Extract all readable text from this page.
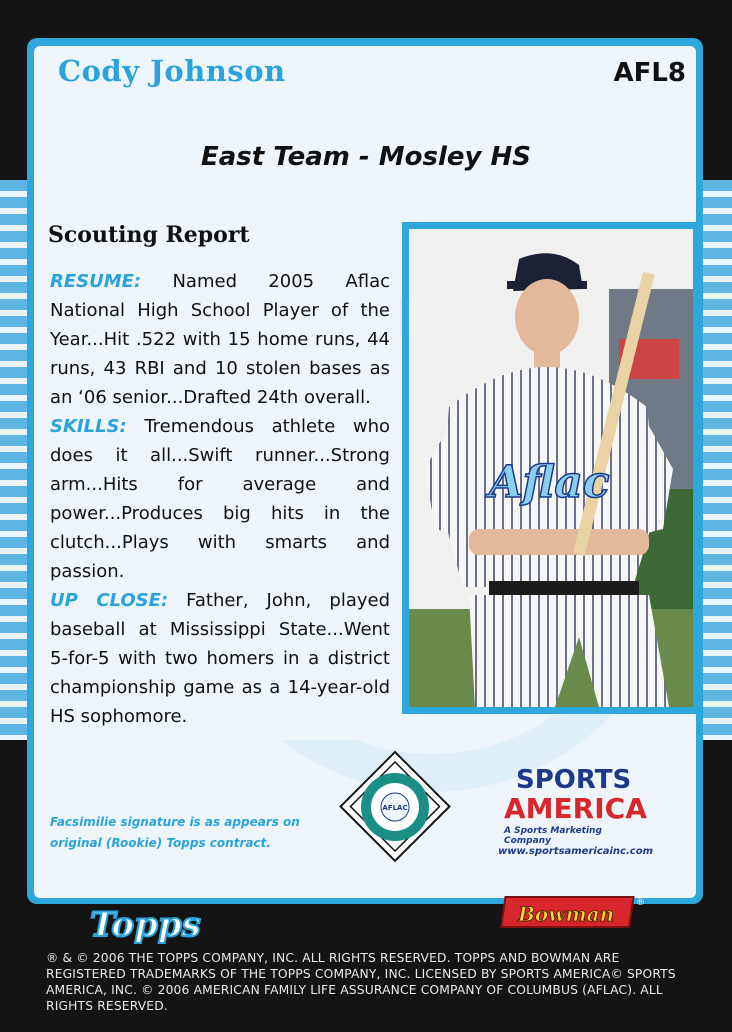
Cody Johnson	AFL8
East Team - Mosley HS
Scouting Report

RESUME: Named 2005 Aflac National High School Player of the Year...Hit .522 with 15 home runs, 44 runs, 43 RBI and 10 stolen bases as an ‘06 senior...Drafted 24th overall.
SKILLS: Tremendous athlete who does it all...Swift runner...Strong arm...Hits for average and power...Produces big hits in the clutch...Plays with smarts and passion.
UP CLOSE: Father, John, played baseball at Mississippi State...Went 5-for-5 with two homers in a district championship game as a 14-year-old HS sophomore.

Aflac
AFLAC

Facsimilie signature is as appears on original (Rookie) Topps contract.

SPORTS
AMERICA
A Sports Marketing Company

www.sportsamericainc.com

Topps	Bowman ®

® & © 2006 THE TOPPS COMPANY, INC. ALL RIGHTS RESERVED. TOPPS AND BOWMAN ARE REGISTERED TRADEMARKS OF THE TOPPS COMPANY, INC. LICENSED BY SPORTS AMERICA© SPORTS AMERICA, INC. © 2006 AMERICAN FAMILY LIFE ASSURANCE COMPANY OF COLUMBUS (AFLAC). ALL RIGHTS RESERVED.
